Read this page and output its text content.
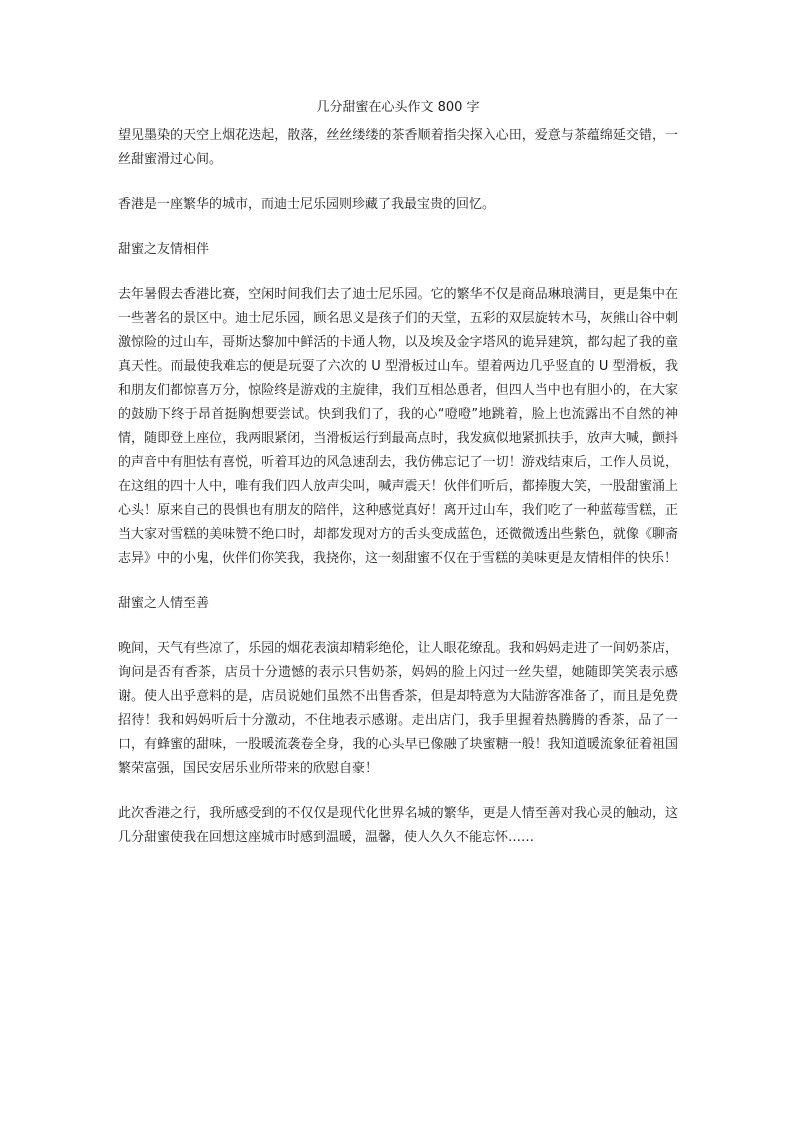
几分甜蜜在心头作文 800 字

望见墨染的天空上烟花迭起，散落，丝丝缕缕的茶香顺着指尖探入心田，爱意与茶蕴绵延交错，一丝甜蜜滑过心间。

香港是一座繁华的城市，而迪士尼乐园则珍藏了我最宝贵的回忆。

甜蜜之友情相伴

去年暑假去香港比赛，空闲时间我们去了迪士尼乐园。它的繁华不仅是商品琳琅满目，更是集中在一些著名的景区中。迪士尼乐园，顾名思义是孩子们的天堂，五彩的双层旋转木马，灰熊山谷中刺激惊险的过山车，哥斯达黎加中鲜活的卡通人物，以及埃及金字塔风的诡异建筑，都勾起了我的童真天性。而最使我难忘的便是玩耍了六次的 U 型滑板过山车。望着两边几乎竖直的 U 型滑板，我和朋友们都惊喜万分，惊险终是游戏的主旋律，我们互相怂恿者，但四人当中也有胆小的，在大家的鼓励下终于昂首挺胸想要尝试。快到我们了，我的心“噔噔”地跳着，脸上也流露出不自然的神情，随即登上座位，我两眼紧闭，当滑板运行到最高点时，我发疯似地紧抓扶手，放声大喊，颤抖的声音中有胆怯有喜悦，听着耳边的风急速刮去，我仿佛忘记了一切！游戏结束后，工作人员说，在这组的四十人中，唯有我们四人放声尖叫，喊声震天！伙伴们听后，都捧腹大笑，一股甜蜜涌上心头！原来自己的畏惧也有朋友的陪伴，这种感觉真好！离开过山车，我们吃了一种蓝莓雪糕，正当大家对雪糕的美味赞不绝口时，却都发现对方的舌头变成蓝色，还微微透出些紫色，就像《聊斋志异》中的小鬼，伙伴们你笑我，我挠你，这一刻甜蜜不仅在于雪糕的美味更是友情相伴的快乐！

甜蜜之人情至善

晚间，天气有些凉了，乐园的烟花表演却精彩绝伦，让人眼花缭乱。我和妈妈走进了一间奶茶店，询问是否有香茶，店员十分遗憾的表示只售奶茶，妈妈的脸上闪过一丝失望，她随即笑笑表示感谢。使人出乎意料的是，店员说她们虽然不出售香茶，但是却特意为大陆游客准备了，而且是免费招待！我和妈妈听后十分激动，不住地表示感谢。走出店门，我手里握着热腾腾的香茶，品了一口，有蜂蜜的甜味，一股暖流袭卷全身，我的心头早已像融了块蜜糖一般！我知道暖流象征着祖国繁荣富强，国民安居乐业所带来的欣慰自豪！

此次香港之行，我所感受到的不仅仅是现代化世界名城的繁华，更是人情至善对我心灵的触动，这几分甜蜜使我在回想这座城市时感到温暖，温馨，使人久久不能忘怀……
